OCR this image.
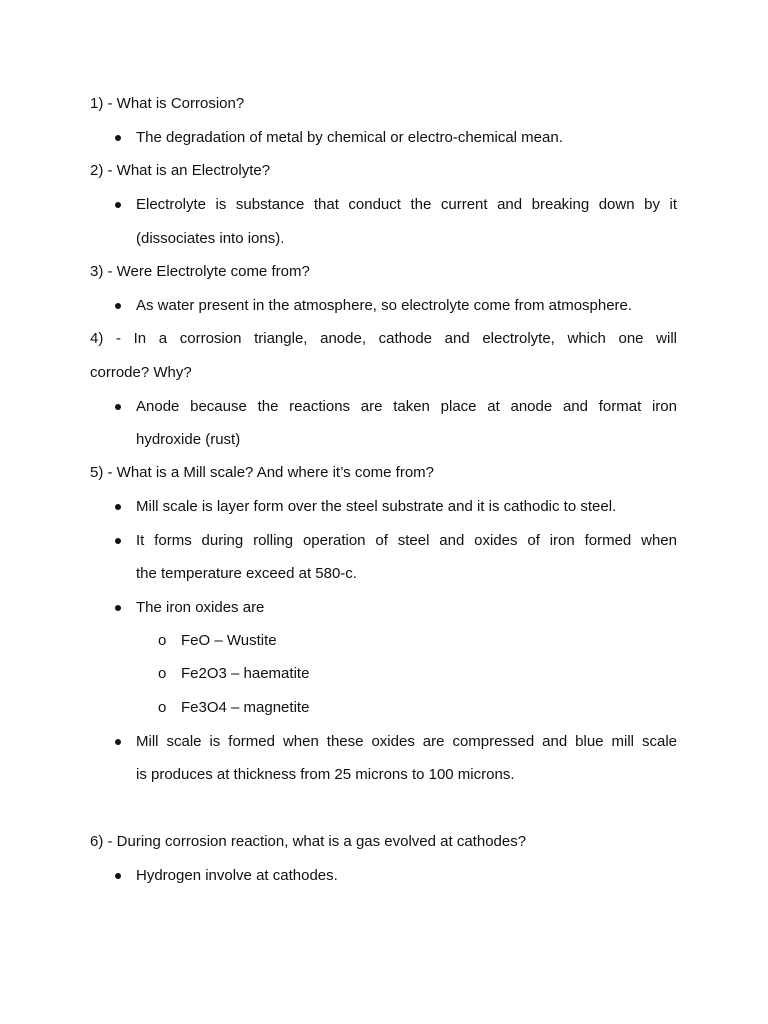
1) - What is Corrosion?

The degradation of metal by chemical or electro-chemical mean.

2) - What is an Electrolyte?

Electrolyte is substance that conduct the current and breaking down by it

(dissociates into ions).

3) - Were Electrolyte come from?

As water present in the atmosphere, so electrolyte come from atmosphere.

4) - In a corrosion triangle, anode, cathode and electrolyte, which one will

corrode? Why?

Anode because the reactions are taken place at anode and format iron

hydroxide (rust)

5) - What is a Mill scale? And where it’s come from?

Mill scale is layer form over the steel substrate and it is cathodic to steel.

It forms during rolling operation of steel and oxides of iron formed when

the temperature exceed at 580-c.

The iron oxides are

o FeO – Wustite

o Fe2O3 – haematite

o Fe3O4 – magnetite

Mill scale is formed when these oxides are compressed and blue mill scale

is produces at thickness from 25 microns to 100 microns.

6) - During corrosion reaction, what is a gas evolved at cathodes?

Hydrogen involve at cathodes.
